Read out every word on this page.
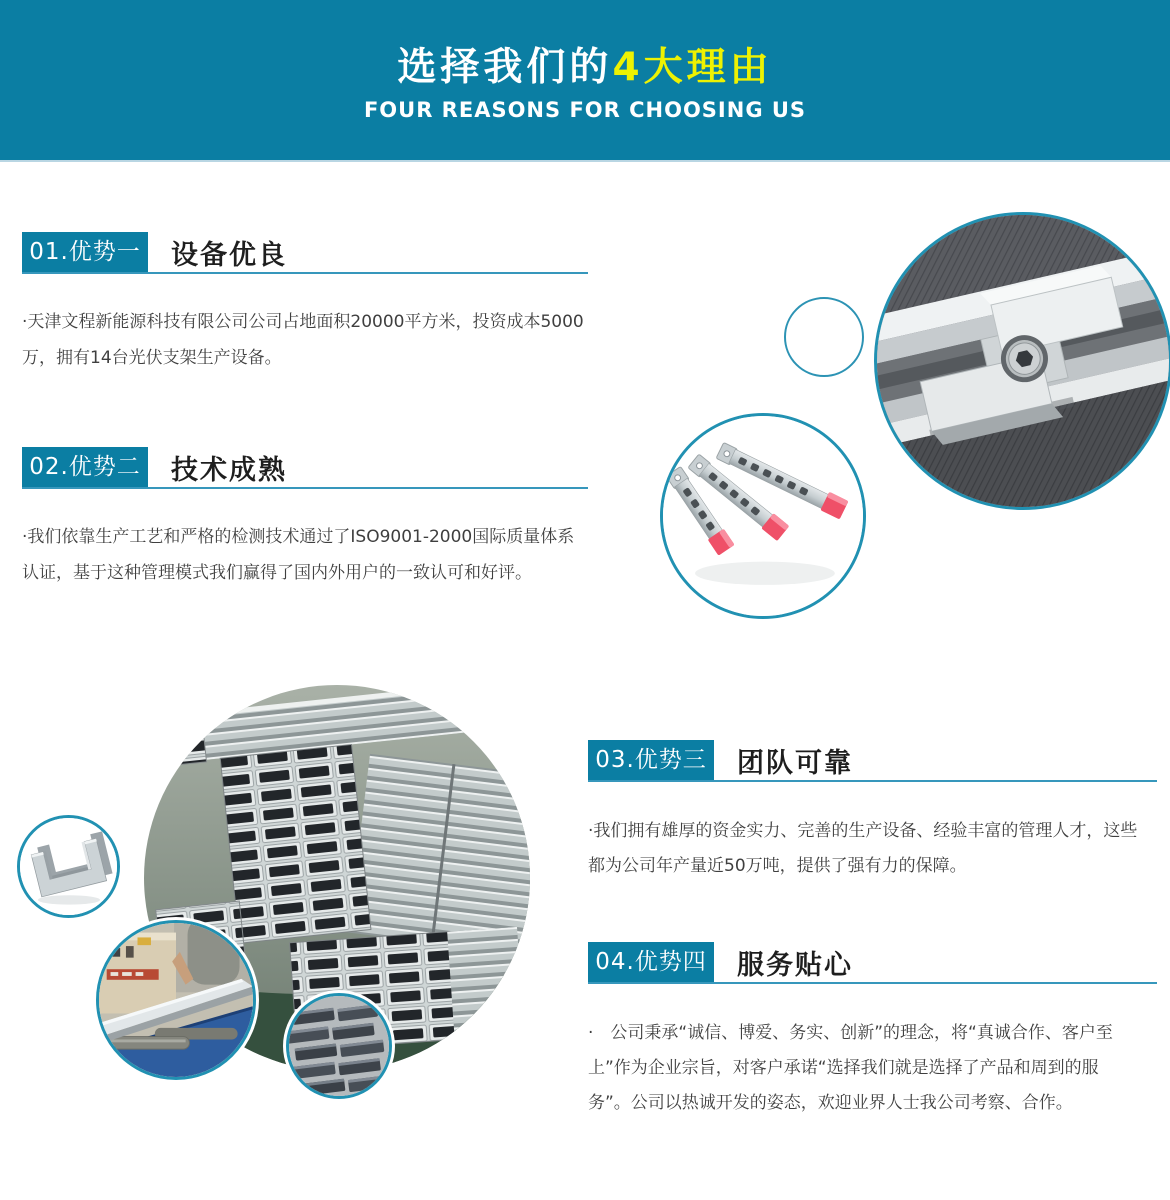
选择我们的4大理由
FOUR REASONS FOR CHOOSING US
01.优势一 设备优良
·天津文程新能源科技有限公司公司占地面积20000平方米，投资成本5000
万，拥有14台光伏支架生产设备。
02.优势二 技术成熟
·我们依靠生产工艺和严格的检测技术通过了ISO9001-2000国际质量体系
认证，基于这种管理模式我们赢得了国内外用户的一致认可和好评。
03.优势三 团队可靠
·我们拥有雄厚的资金实力、完善的生产设备、经验丰富的管理人才，这些
都为公司年产量近50万吨，提供了强有力的保障。
04.优势四 服务贴心
·　公司秉承“诚信、博爱、务实、创新”的理念，将“真诚合作、客户至
上”作为企业宗旨，对客户承诺“选择我们就是选择了产品和周到的服
务”。公司以热诚开发的姿态，欢迎业界人士我公司考察、合作。
